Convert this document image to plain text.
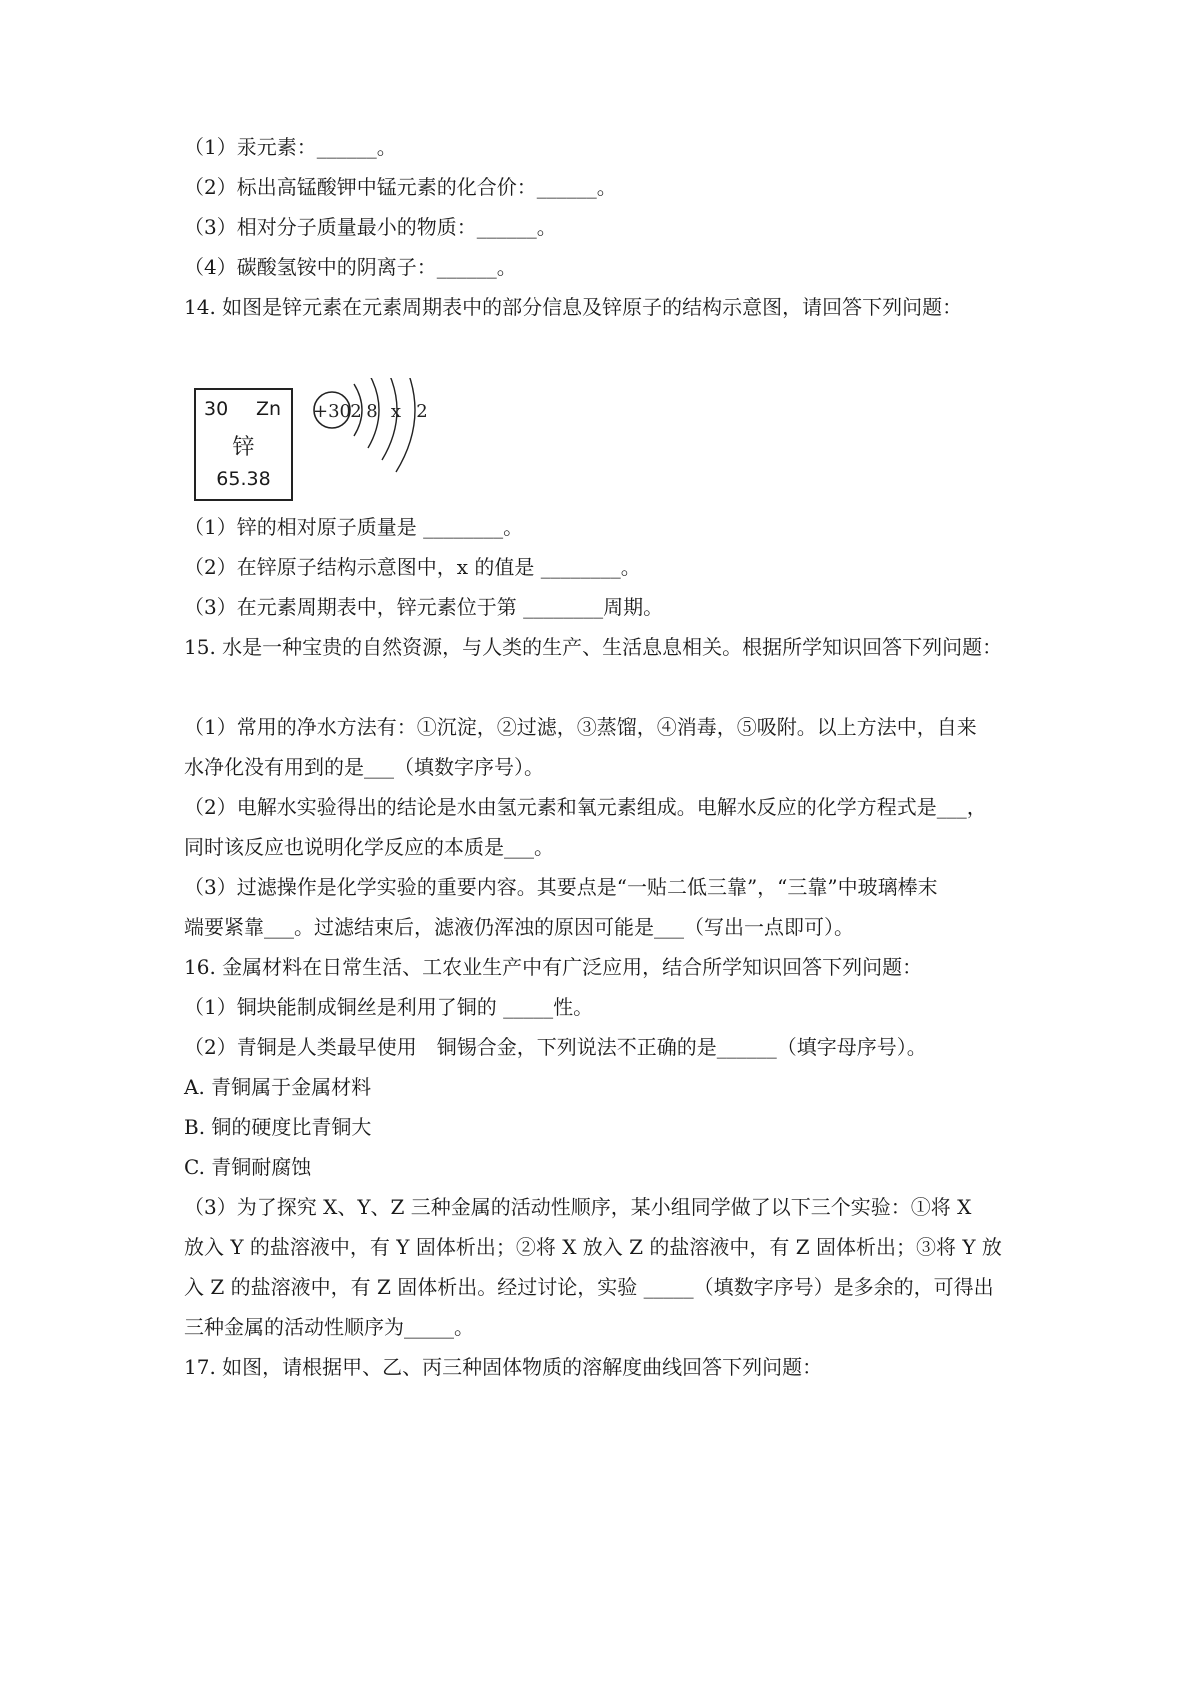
（1）汞元素：______。
（2）标出高锰酸钾中锰元素的化合价：______。
（3）相对分子质量最小的物质：______。
（4）碳酸氢铵中的阴离子：______。
14. 如图是锌元素在元素周期表中的部分信息及锌原子的结构示意图，请回答下列问题：
30 Zn
锌
65.38
+30 2 8 x 2
（1）锌的相对原子质量是 ________。
（2）在锌原子结构示意图中，x 的值是 ________。
（3）在元素周期表中，锌元素位于第 ________周期。
15. 水是一种宝贵的自然资源，与人类的生产、生活息息相关。根据所学知识回答下列问题：
（1）常用的净水方法有：①沉淀，②过滤，③蒸馏，④消毒，⑤吸附。以上方法中，自来
水净化没有用到的是___（填数字序号）。
（2）电解水实验得出的结论是水由氢元素和氧元素组成。电解水反应的化学方程式是___，
同时该反应也说明化学反应的本质是___。
（3）过滤操作是化学实验的重要内容。其要点是“一贴二低三靠”，“三靠”中玻璃棒末
端要紧靠___。过滤结束后，滤液仍浑浊的原因可能是___（写出一点即可）。
16. 金属材料在日常生活、工农业生产中有广泛应用，结合所学知识回答下列问题：
（1）铜块能制成铜丝是利用了铜的 _____性。
（2）青铜是人类最早使用　铜锡合金，下列说法不正确的是______（填字母序号）。
A. 青铜属于金属材料
B. 铜的硬度比青铜大
C. 青铜耐腐蚀
（3）为了探究 X、Y、Z 三种金属的活动性顺序，某小组同学做了以下三个实验：①将 X
放入 Y 的盐溶液中，有 Y 固体析出；②将 X 放入 Z 的盐溶液中，有 Z 固体析出；③将 Y 放
入 Z 的盐溶液中，有 Z 固体析出。经过讨论，实验 _____（填数字序号）是多余的，可得出
三种金属的活动性顺序为_____。
17. 如图，请根据甲、乙、丙三种固体物质的溶解度曲线回答下列问题：
